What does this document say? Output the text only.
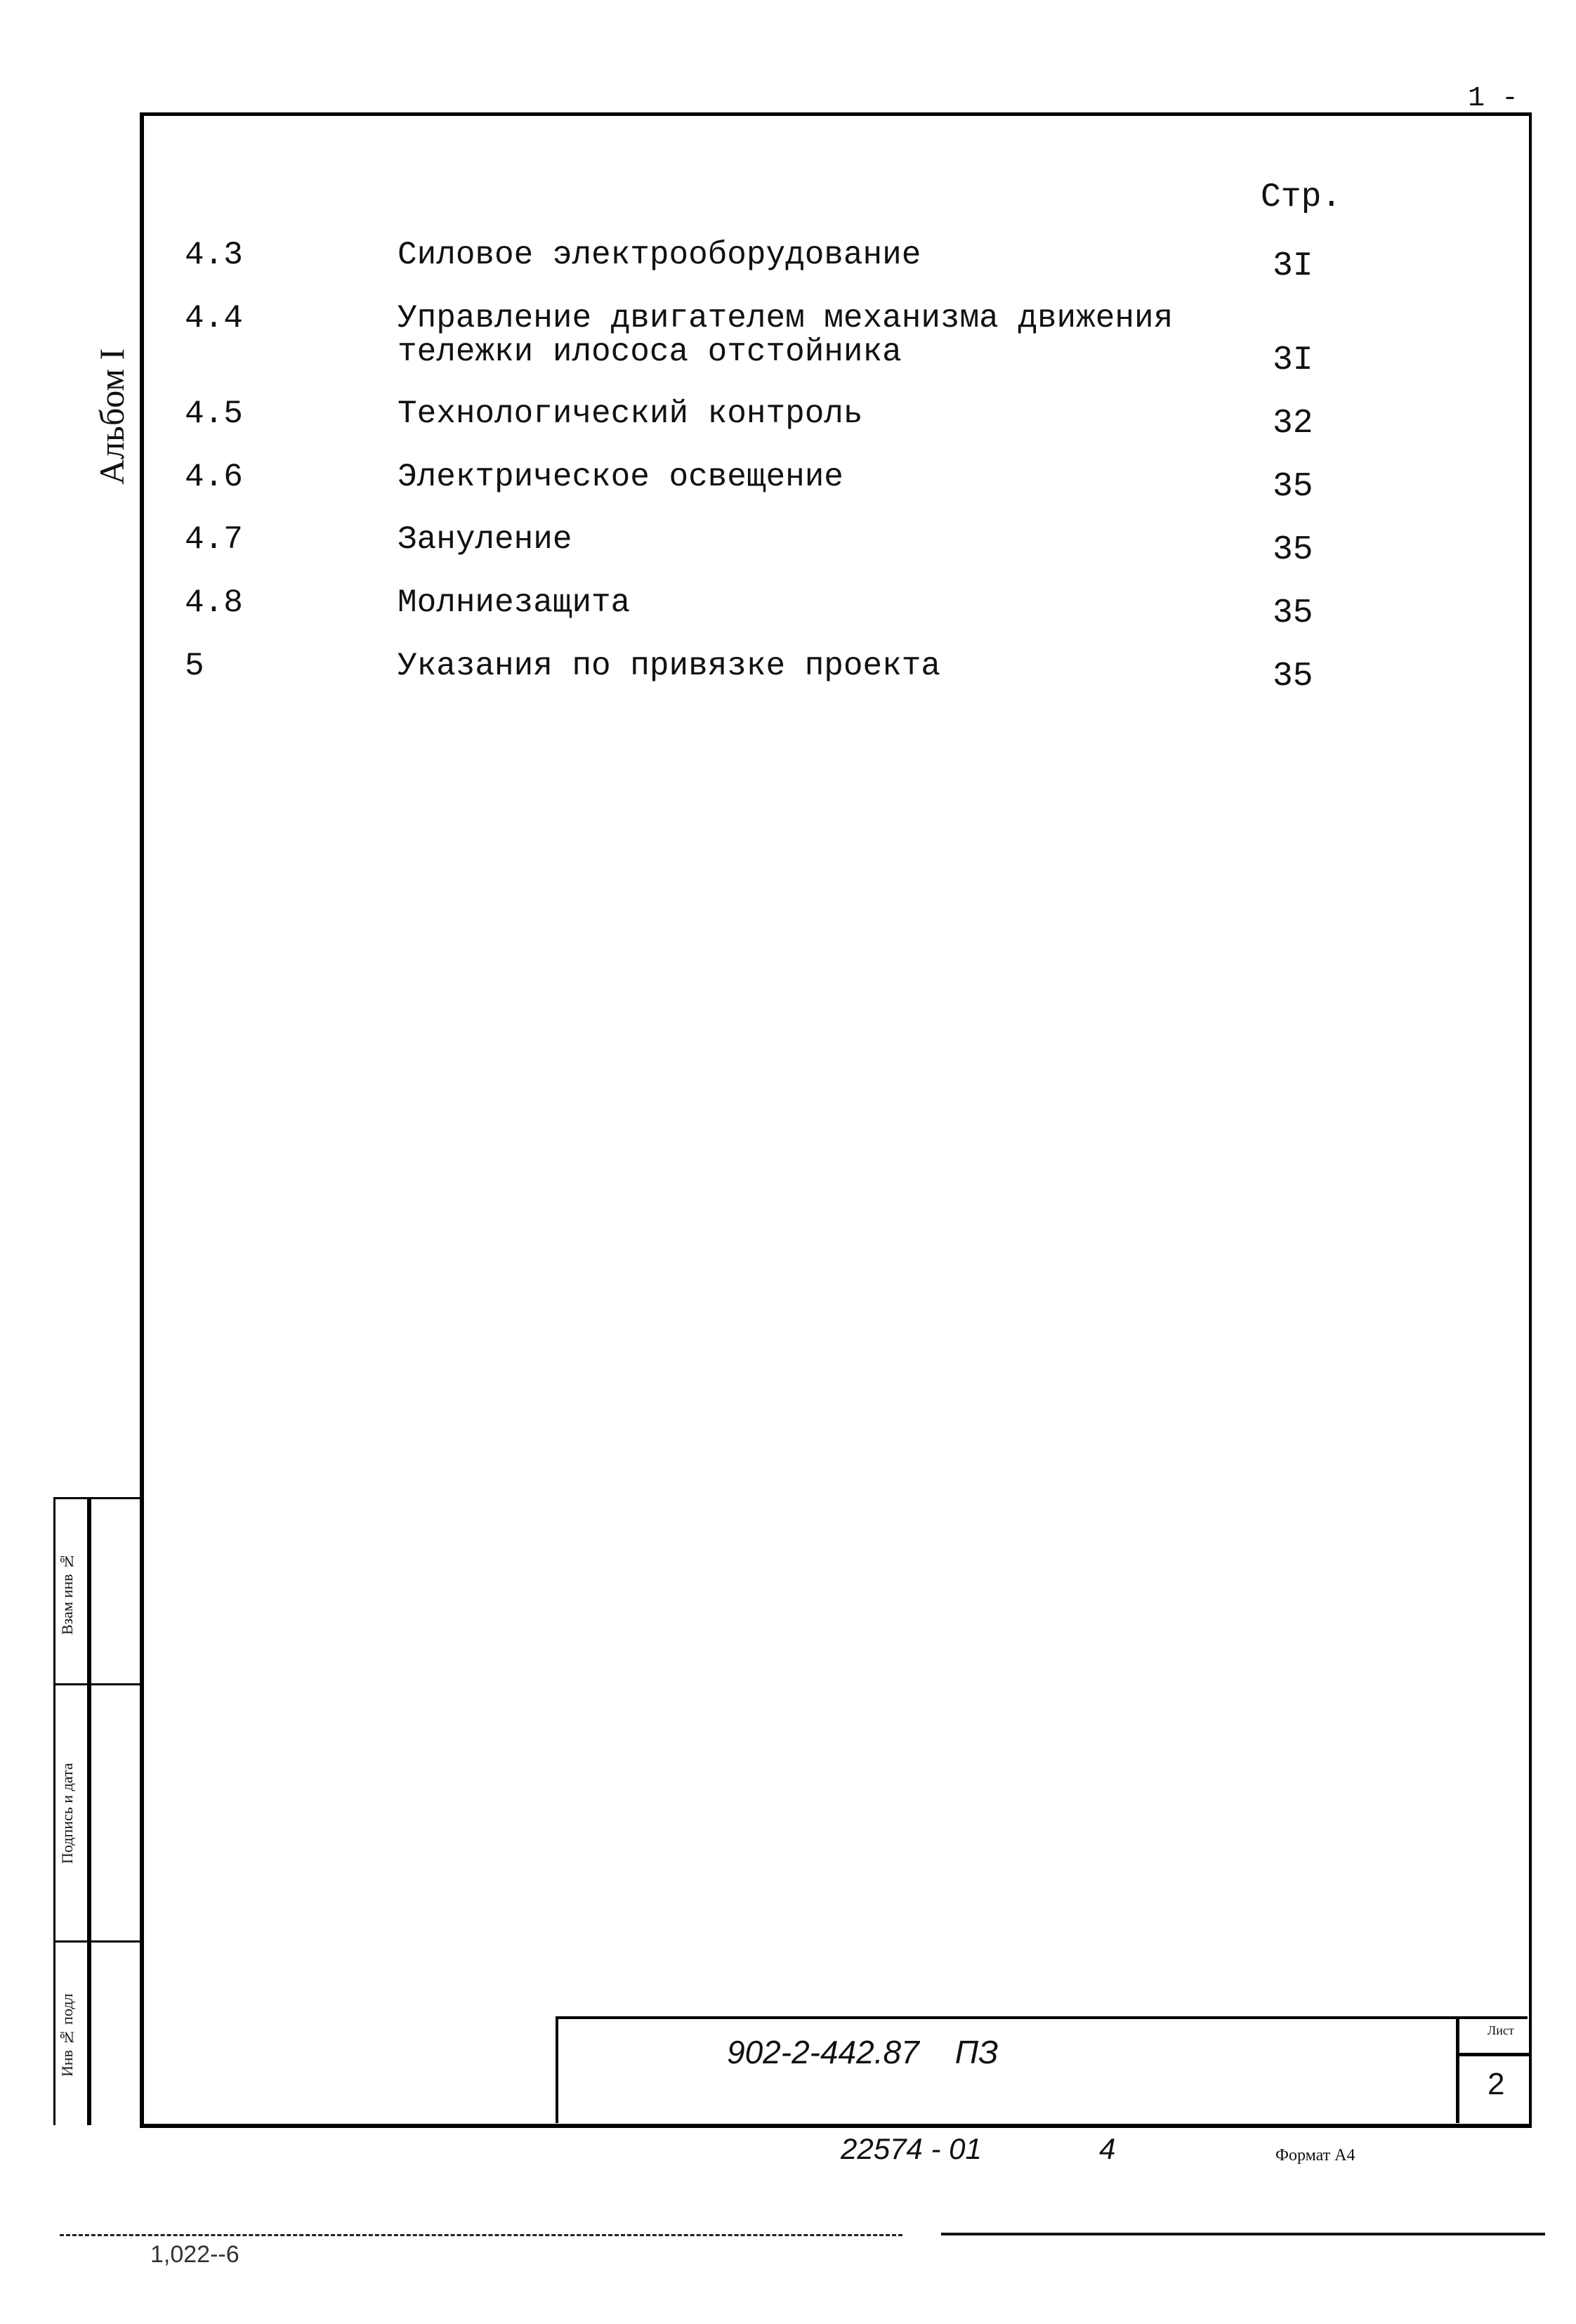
1 -
Альбом I
Стр.
4.3	Силовое электрооборудование	3I
4.4	Управление двигателем механизма движения
тележки илососа отстойника	3I
4.5	Технологический контроль	32
4.6	Электрическое освещение	35
4.7	Зануление	35
4.8	Молниезащита	35
5	Указания по привязке проекта	35
Взам инв №
Подпись и дата
Инв № подл	902-2-442.87 ПЗ
Лист
2
22574 - 01	4	Формат А4
1,022--6
